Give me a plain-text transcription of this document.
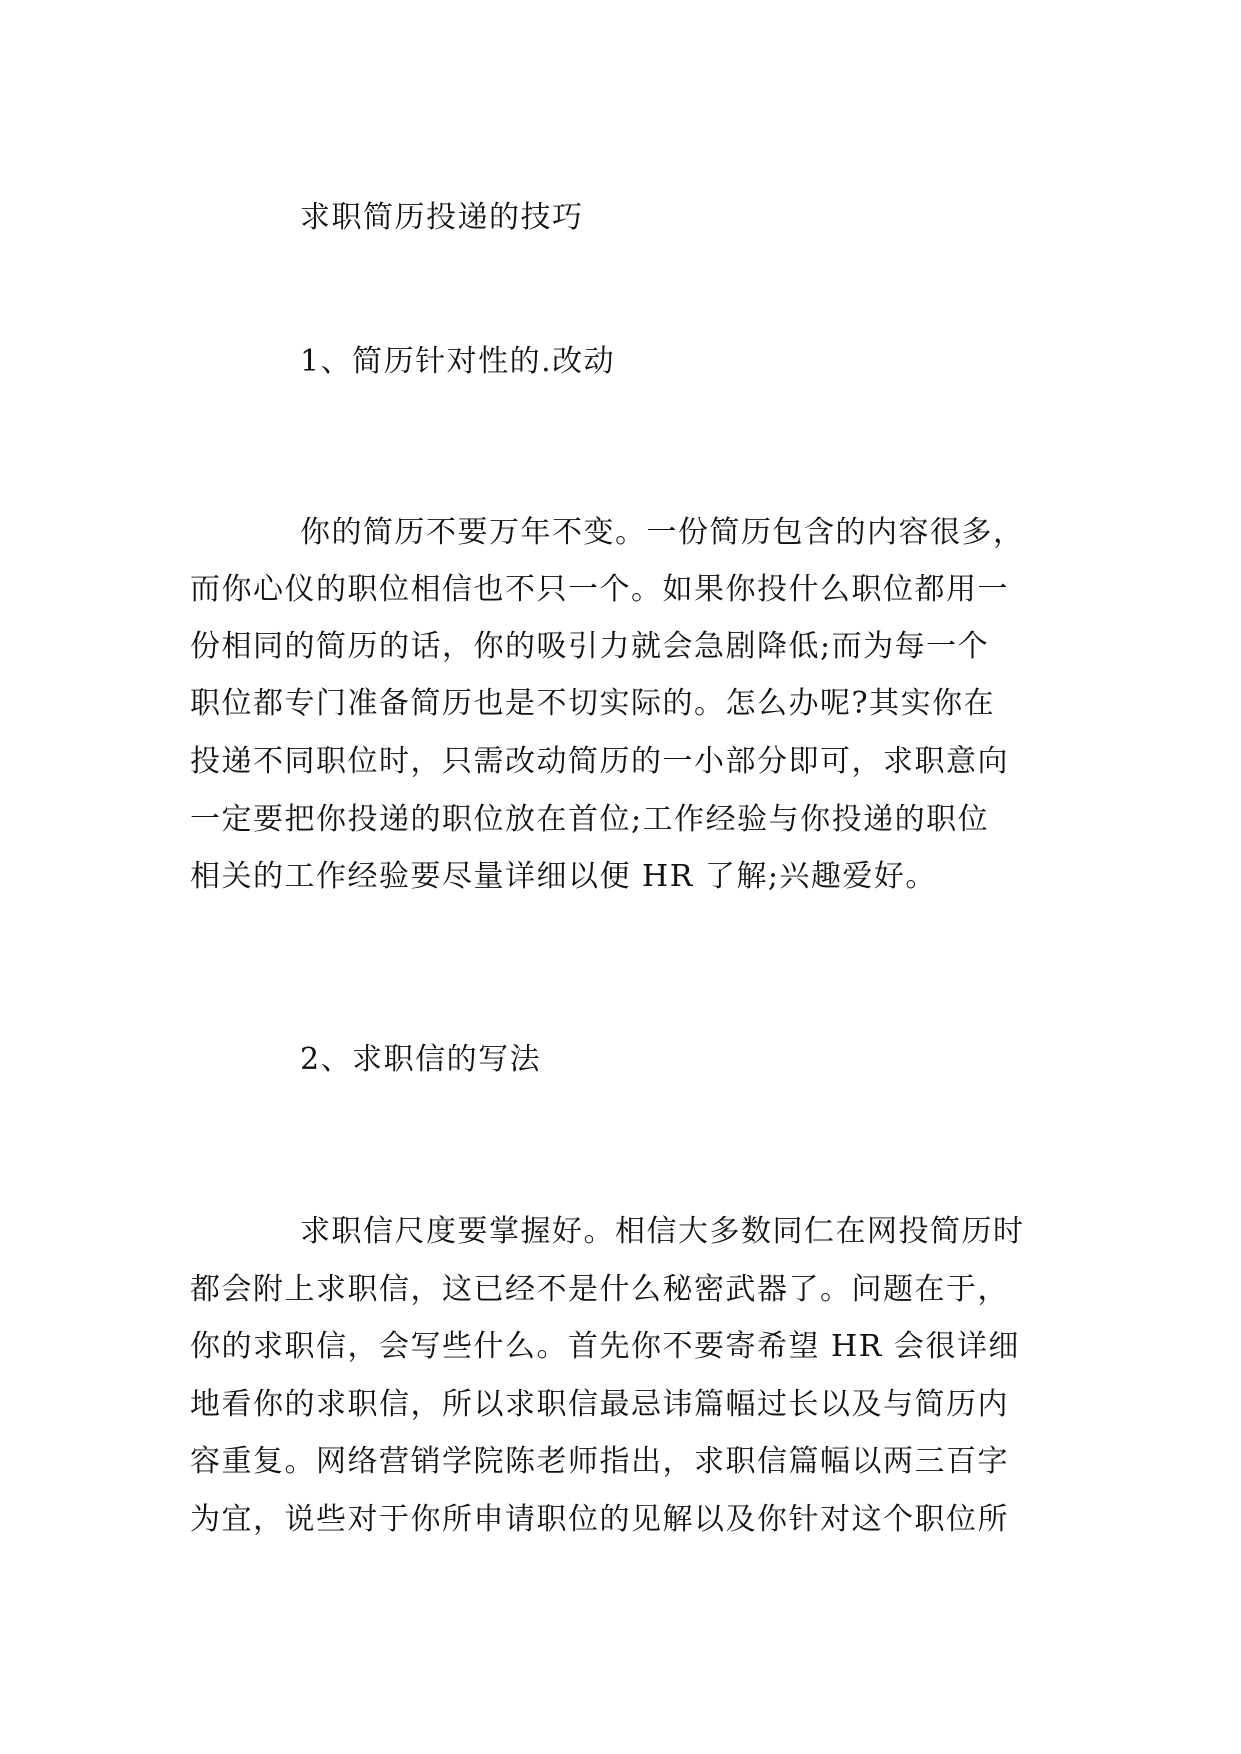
求职简历投递的技巧

1、简历针对性的.改动

你的简历不要万年不变。一份简历包含的内容很多，

而你心仪的职位相信也不只一个。如果你投什么职位都用一

份相同的简历的话，你的吸引力就会急剧降低;而为每一个

职位都专门准备简历也是不切实际的。怎么办呢?其实你在

投递不同职位时，只需改动简历的一小部分即可，求职意向

一定要把你投递的职位放在首位;工作经验与你投递的职位

相关的工作经验要尽量详细以便 HR 了解;兴趣爱好。

2、求职信的写法

求职信尺度要掌握好。相信大多数同仁在网投简历时

都会附上求职信，这已经不是什么秘密武器了。问题在于，

你的求职信，会写些什么。首先你不要寄希望 HR 会很详细

地看你的求职信，所以求职信最忌讳篇幅过长以及与简历内

容重复。网络营销学院陈老师指出，求职信篇幅以两三百字

为宜，说些对于你所申请职位的见解以及你针对这个职位所
